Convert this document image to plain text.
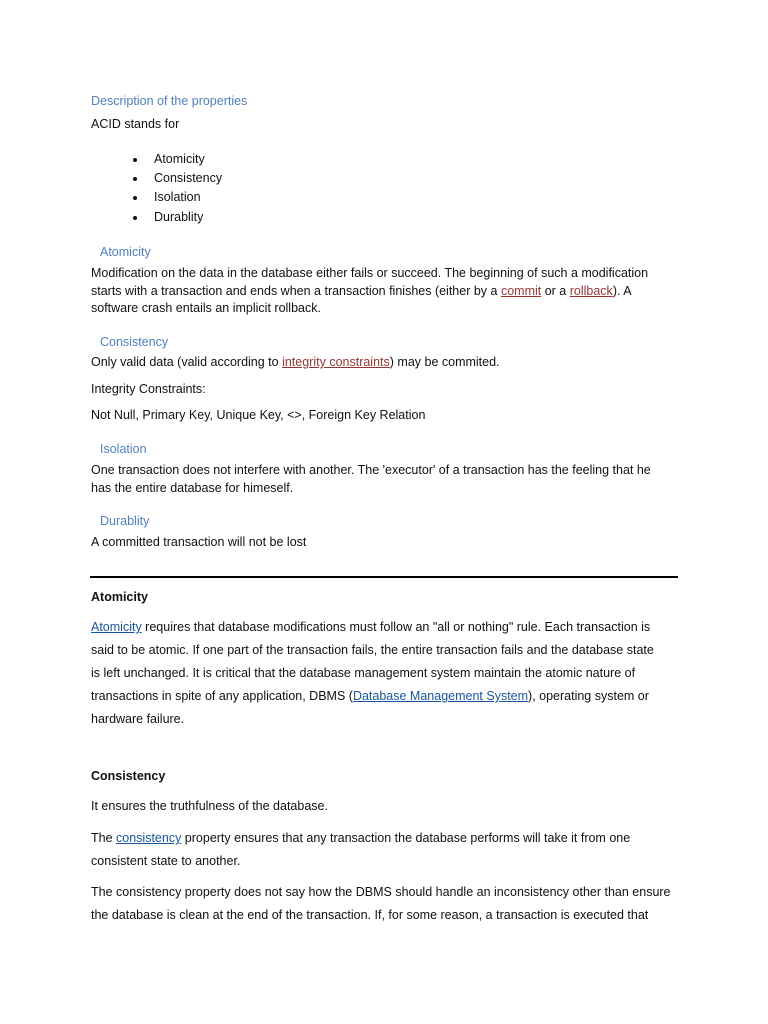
Description of the properties
ACID stands for
Atomicity
Consistency
Isolation
Durablity
Atomicity
Modification on the data in the database either fails or succeed. The beginning of such a modification
starts with a transaction and ends when a transaction finishes (either by a commit or a rollback). A
software crash entails an implicit rollback.
Consistency
Only valid data (valid according to integrity constraints) may be commited.
Integrity Constraints:
Not Null, Primary Key, Unique Key, <>, Foreign Key Relation
Isolation
One transaction does not interfere with another. The 'executor' of a transaction has the feeling that he
has the entire database for himeself.
Durablity
A committed transaction will not be lost
Atomicity
Atomicity requires that database modifications must follow an "all or nothing" rule. Each transaction is
said to be atomic. If one part of the transaction fails, the entire transaction fails and the database state
is left unchanged. It is critical that the database management system maintain the atomic nature of
transactions in spite of any application, DBMS (Database Management System), operating system or
hardware failure.
Consistency
It ensures the truthfulness of the database.
The consistency property ensures that any transaction the database performs will take it from one
consistent state to another.
The consistency property does not say how the DBMS should handle an inconsistency other than ensure
the database is clean at the end of the transaction. If, for some reason, a transaction is executed that
